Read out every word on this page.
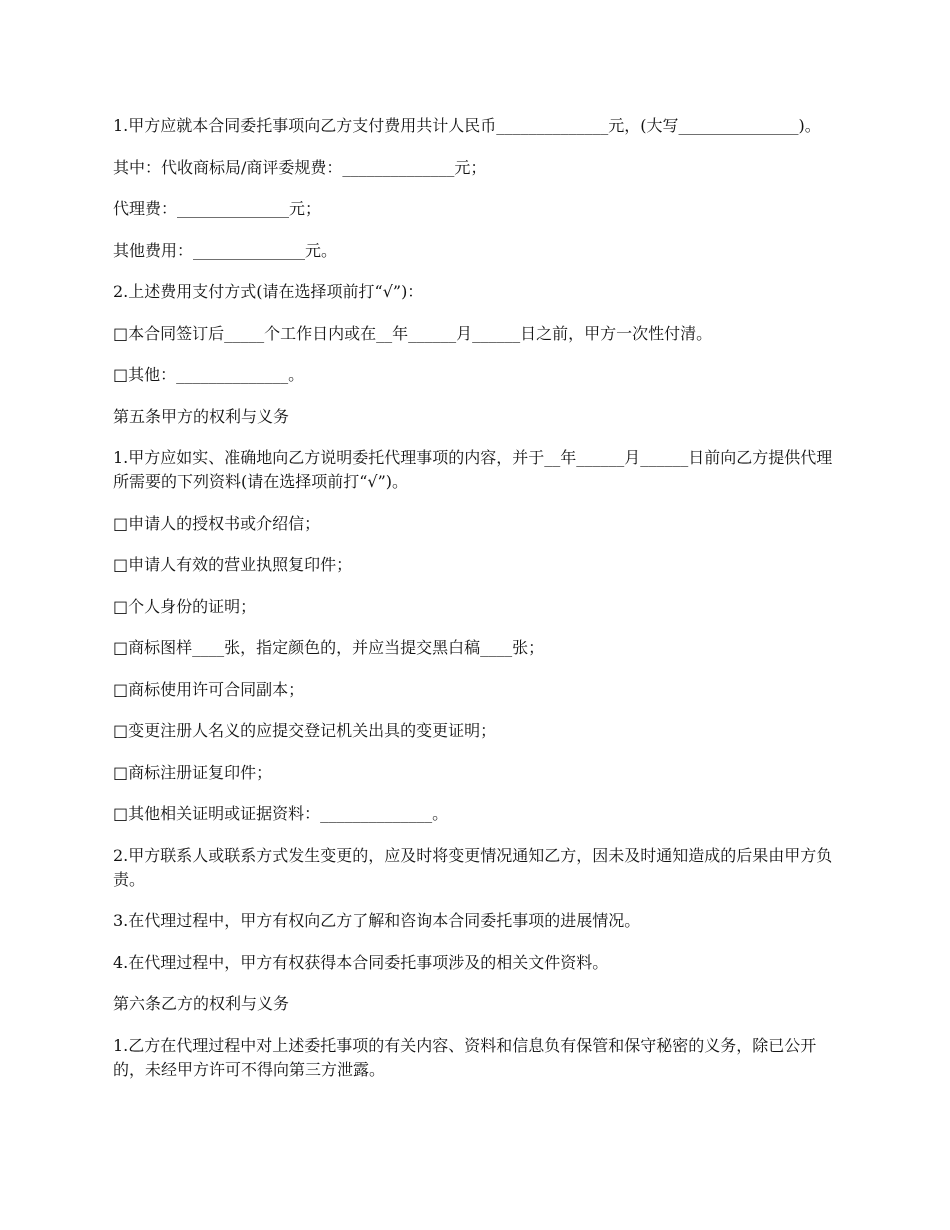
1.甲方应就本合同委托事项向乙方支付费用共计人民币______________元，(大写_______________)。

其中：代收商标局/商评委规费：______________元；

代理费：______________元；

其他费用：______________元。

2.上述费用支付方式(请在选择项前打“√”)：

□本合同签订后_____个工作日内或在__年______月______日之前，甲方一次性付清。

□其他：______________。

第五条甲方的权利与义务

1.甲方应如实、准确地向乙方说明委托代理事项的内容，并于__年______月______日前向乙方提供代理所需要的下列资料(请在选择项前打“√”)。

□申请人的授权书或介绍信；

□申请人有效的营业执照复印件；

□个人身份的证明；

□商标图样____张，指定颜色的，并应当提交黑白稿____张；

□商标使用许可合同副本；

□变更注册人名义的应提交登记机关出具的变更证明；

□商标注册证复印件；

□其他相关证明或证据资料：______________。

2.甲方联系人或联系方式发生变更的，应及时将变更情况通知乙方，因未及时通知造成的后果由甲方负责。

3.在代理过程中，甲方有权向乙方了解和咨询本合同委托事项的进展情况。

4.在代理过程中，甲方有权获得本合同委托事项涉及的相关文件资料。

第六条乙方的权利与义务

1.乙方在代理过程中对上述委托事项的有关内容、资料和信息负有保管和保守秘密的义务，除已公开的，未经甲方许可不得向第三方泄露。
